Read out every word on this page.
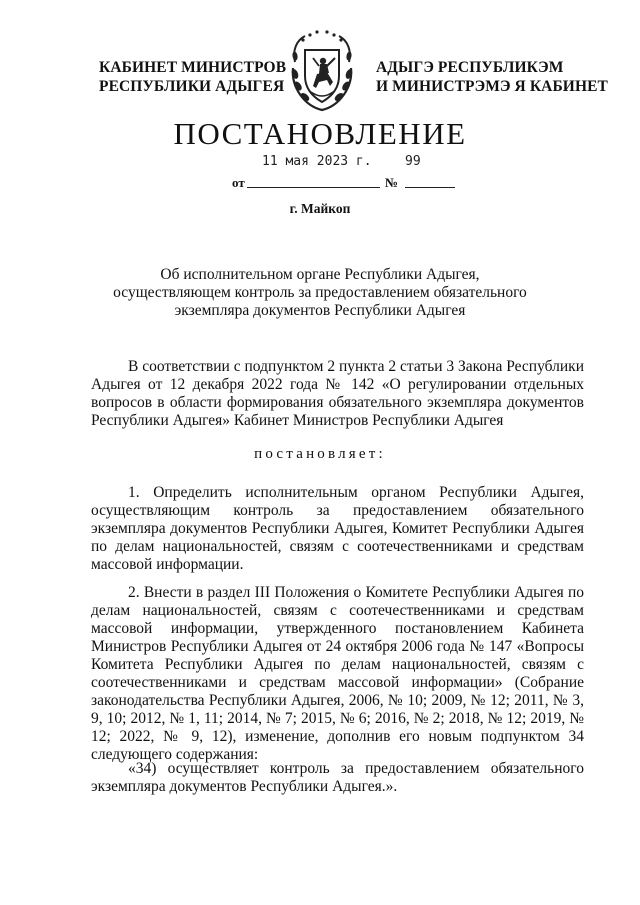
КАБИНЕТ МИНИСТРОВ
РЕСПУБЛИКИ АДЫГЕЯ
АДЫГЭ РЕСПУБЛИКЭМ
И МИНИСТРЭМЭ Я КАБИНЕТ
ПОСТАНОВЛЕНИЕ
11 мая 2023 г.	99
от	№
г. Майкоп
Об исполнительном органе Республики Адыгея, осуществляющем контроль за предоставлением обязательного экземпляра документов Республики Адыгея
В соответствии с подпунктом 2 пункта 2 статьи 3 Закона Республики Адыгея от 12 декабря 2022 года № 142 «О регулировании отдельных вопросов в области формирования обязательного экземпляра документов Республики Адыгея» Кабинет Министров Республики Адыгея
постановляет:
1. Определить исполнительным органом Республики Адыгея, осуществляющим контроль за предоставлением обязательного экземпляра документов Республики Адыгея, Комитет Республики Адыгея по делам национальностей, связям с соотечественниками и средствам массовой информации.
2. Внести в раздел III Положения о Комитете Республики Адыгея по делам национальностей, связям с соотечественниками и средствам массовой информации, утвержденного постановлением Кабинета Министров Республики Адыгея от 24 октября 2006 года № 147 «Вопросы Комитета Республики Адыгея по делам национальностей, связям с соотечественниками и средствам массовой информации» (Собрание законодательства Республики Адыгея, 2006, № 10; 2009, № 12; 2011, № 3, 9, 10; 2012, № 1, 11; 2014, № 7; 2015, № 6; 2016, № 2; 2018, № 12; 2019, № 12; 2022, № 9, 12), изменение, дополнив его новым подпунктом 34 следующего содержания:
«34) осуществляет контроль за предоставлением обязательного экземпляра документов Республики Адыгея.».
